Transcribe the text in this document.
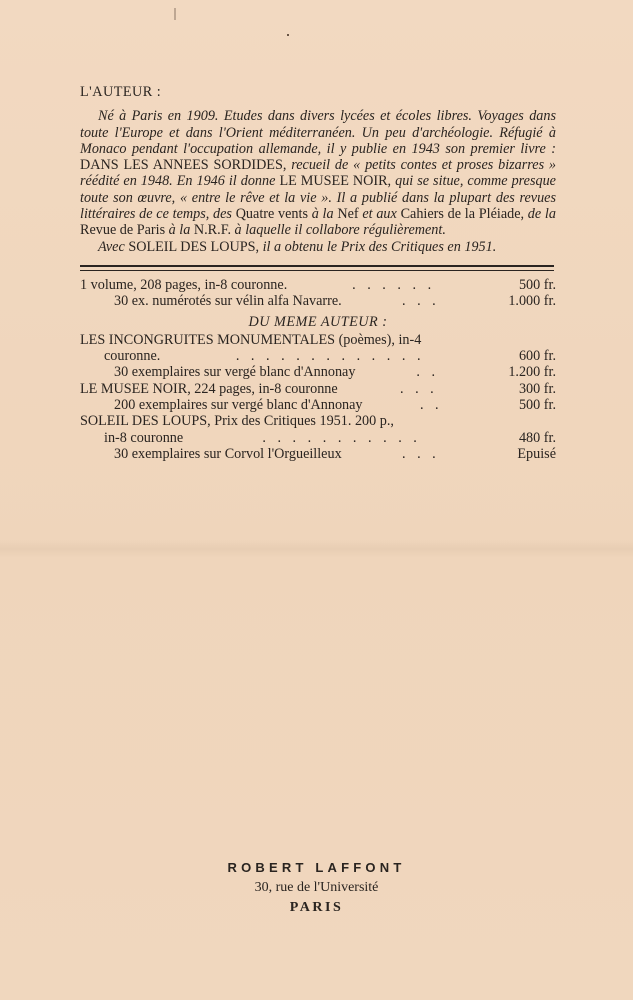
L'AUTEUR :

Né à Paris en 1909. Etudes dans divers lycées et écoles libres. Voyages dans toute l'Europe et dans l'Orient méditerranéen. Un peu d'archéologie. Réfugié à Monaco pendant l'occupation allemande, il y publie en 1943 son premier livre : DANS LES ANNEES SORDIDES, recueil de « petits contes et proses bizarres » réédité en 1948. En 1946 il donne LE MUSEE NOIR, qui se situe, comme presque toute son œuvre, « entre le rêve et la vie ». Il a publié dans la plupart des revues littéraires de ce temps, des Quatre vents à la Nef et aux Cahiers de la Pléiade, de la Revue de Paris à la N.R.F. à laquelle il collabore régulièrement.

Avec SOLEIL DES LOUPS, il a obtenu le Prix des Critiques en 1951.

1 volume, 208 pages, in-8 couronne.	. . . . . .	500 fr.
30 ex. numérotés sur vélin alfa Navarre.	. . .	1.000 fr.
DU MEME AUTEUR :
LES INCONGRUITES MONUMENTALES (poèmes), in-4
couronne.	. . . . . . . . . . . . .	600 fr.
30 exemplaires sur vergé blanc d'Annonay	. .	1.200 fr.
LE MUSEE NOIR, 224 pages, in-8 couronne	. . .	300 fr.
200 exemplaires sur vergé blanc d'Annonay	. .	500 fr.
SOLEIL DES LOUPS, Prix des Critiques 1951. 200 p.,
in-8 couronne	. . . . . . . . . . .	480 fr.
30 exemplaires sur Corvol l'Orgueilleux	. . .	Epuisé
ROBERT LAFFONT
30, rue de l'Université
PARIS
